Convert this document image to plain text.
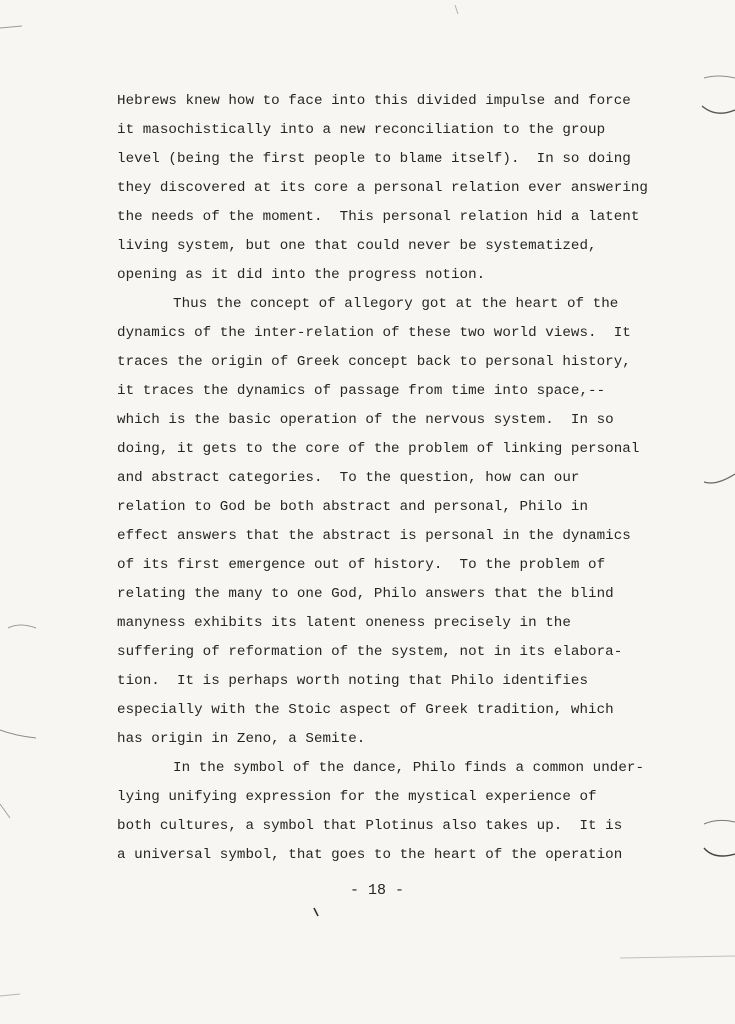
Hebrews knew how to face into this divided impulse and force
it masochistically into a new reconciliation to the group
level (being the first people to blame itself).  In so doing
they discovered at its core a personal relation ever answering
the needs of the moment.  This personal relation hid a latent
living system, but one that could never be systematized,
opening as it did into the progress notion.
Thus the concept of allegory got at the heart of the
dynamics of the inter-relation of these two world views.  It
traces the origin of Greek concept back to personal history,
it traces the dynamics of passage from time into space,--
which is the basic operation of the nervous system.  In so
doing, it gets to the core of the problem of linking personal
and abstract categories.  To the question, how can our
relation to God be both abstract and personal, Philo in
effect answers that the abstract is personal in the dynamics
of its first emergence out of history.  To the problem of
relating the many to one God, Philo answers that the blind
manyness exhibits its latent oneness precisely in the
suffering of reformation of the system, not in its elabora-
tion.  It is perhaps worth noting that Philo identifies
especially with the Stoic aspect of Greek tradition, which
has origin in Zeno, a Semite.
In the symbol of the dance, Philo finds a common under-
lying unifying expression for the mystical experience of
both cultures, a symbol that Plotinus also takes up.  It is
a universal symbol, that goes to the heart of the operation
- 18 -
